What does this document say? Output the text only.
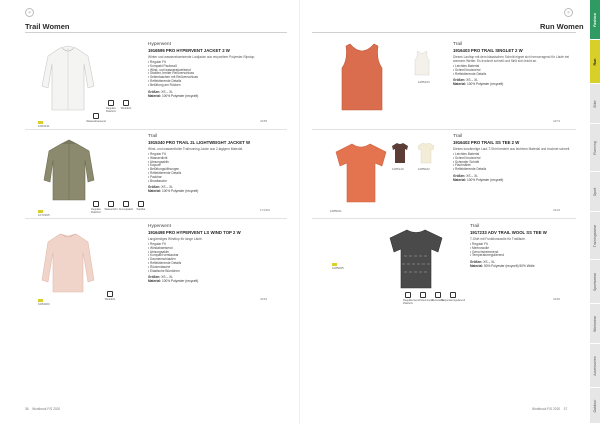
◎
Trail Women
◎
Run Women
1084131
Reguläre Passform
Winddicht
Wasserabweisend
Hyperwent
1916595 PRO HYPERVENT JACKET 2 W
Winter und wasserabweisende Laufjacke aus recyceltem Polyester-Ripstop.
• Regular Fit
• Kompakt Packmaß
• Wind- und wasserabweisend
• Stabiler, breiter Reißverschluss
• Seitentaschen mit Reißverschluss
• Reflektierende Details
• Belüftung am Rücken
Größen: XS – XL
Material: 100% Polyester (recycelt)
44/56
1072305
Reguläre Passform
Wasserdicht Atmungsaktiv Packbar
Trail
1915340 PRO TRAIL 2L LIGHTWEIGHT JACKET W
Wind- und wasserdichte Trailrunning-Jacke aus 2-lagigem Material.
• Regular Fit
• Wasserdicht
• Atmungsaktiv
• Kapuze
• Belüftungsöffnungen
• Reflektierende Details
• Packbar
• Brusttasche
Größen: XS – XL
Material: 100% Polyester (recycelt)
174/310
1084003
Winddicht
Hyperwent
1916498 PRO HYPERVENT LS WIND TOP 2 W
Langärmliges Windtop für lange Läufe.
• Regular Fit
• Windabweisend
• Atmungsaktiv
• Kompakt verstaubar
• Daumenschlaufen
• Reflektierende Details
• Rückentasche
• Elastische Bündchen
Größen: XS – XL
Material: 100% Polyester (recycelt)
44/64
1085103
Trail
1916403 PRO TRAIL SINGLET 2 W
Dieses Lauftop mit dem klassischen Schnitt eignet sich hervorragend für Läufe bei warmem Wetter. Es trocknet schnell und fühlt sich leicht an.
• Leichtes Material
• Schnell trocknend
• Reflektierende Details
Größen: XS – XL
Material: 100% Polyester (recycelt)
44/73
1085120	1085022
1085021
Trail
1916402 PRO TRAIL SS TEE 2 W
Dieses kurzärmlige Lauf-T-Shirt besteht aus leichtem Material und trocknet schnell.
• Leichtes Material
• Schnell trocknend
• Schmaler Schnitt
• Flachnähte
• Reflektierende Details
Größen: XS – XL
Material: 100% Polyester (recycelt)
44/23
1085005
Reguläre Passform
Geruchshemmend
Merinowolle
Temperaturregulierend
Trail
1917233 ADV TRAIL WOOL SS TEE W
T-Shirt mit Funktionswolle für Trailläufe.
• Regular Fit
• Merinowolle
• Geruchshemmend
• Temperaturregulierend
Größen: XS – XL
Material: 50% Polyester (recycelt) 50% Wolle
44/66
36 Workbook F/S 2020	Workbook F/S 2020 37
Fashion
Run
Bike
Running
Sport
Trainingswear
Sportswear
Workwear
Accessories
Outdoor
